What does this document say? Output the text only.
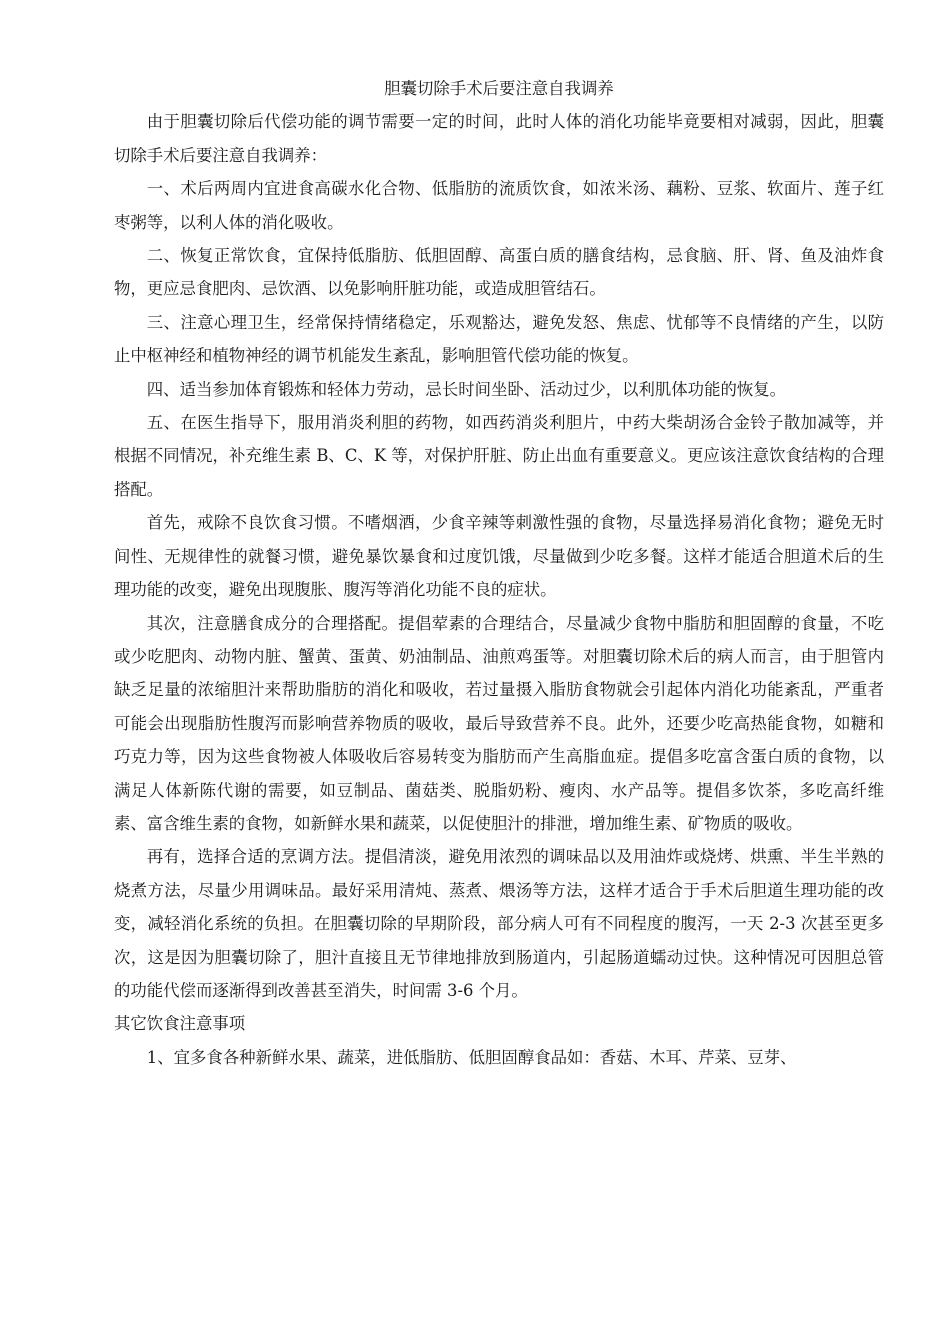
胆囊切除手术后要注意自我调养

由于胆囊切除后代偿功能的调节需要一定的时间，此时人体的消化功能毕竟要相对减弱，因此，胆囊切除手术后要注意自我调养：

一、术后两周内宜进食高碳水化合物、低脂肪的流质饮食，如浓米汤、藕粉、豆浆、软面片、莲子红枣粥等，以利人体的消化吸收。

二、恢复正常饮食，宜保持低脂肪、低胆固醇、高蛋白质的膳食结构，忌食脑、肝、肾、鱼及油炸食物，更应忌食肥肉、忌饮酒、以免影响肝脏功能，或造成胆管结石。

三、注意心理卫生，经常保持情绪稳定，乐观豁达，避免发怒、焦虑、忧郁等不良情绪的产生，以防止中枢神经和植物神经的调节机能发生紊乱，影响胆管代偿功能的恢复。

四、适当参加体育锻炼和轻体力劳动，忌长时间坐卧、活动过少，以利肌体功能的恢复。

五、在医生指导下，服用消炎利胆的药物，如西药消炎利胆片，中药大柴胡汤合金铃子散加减等，并根据不同情况，补充维生素 B、C、K 等，对保护肝脏、防止出血有重要意义。更应该注意饮食结构的合理搭配。

首先，戒除不良饮食习惯。不嗜烟酒，少食辛辣等刺激性强的食物，尽量选择易消化食物；避免无时间性、无规律性的就餐习惯，避免暴饮暴食和过度饥饿，尽量做到少吃多餐。这样才能适合胆道术后的生理功能的改变，避免出现腹胀、腹泻等消化功能不良的症状。

其次，注意膳食成分的合理搭配。提倡荤素的合理结合，尽量减少食物中脂肪和胆固醇的食量，不吃或少吃肥肉、动物内脏、蟹黄、蛋黄、奶油制品、油煎鸡蛋等。对胆囊切除术后的病人而言，由于胆管内缺乏足量的浓缩胆汁来帮助脂肪的消化和吸收，若过量摄入脂肪食物就会引起体内消化功能紊乱，严重者可能会出现脂肪性腹泻而影响营养物质的吸收，最后导致营养不良。此外，还要少吃高热能食物，如糖和巧克力等，因为这些食物被人体吸收后容易转变为脂肪而产生高脂血症。提倡多吃富含蛋白质的食物，以满足人体新陈代谢的需要，如豆制品、菌菇类、脱脂奶粉、瘦肉、水产品等。提倡多饮茶，多吃高纤维素、富含维生素的食物，如新鲜水果和蔬菜，以促使胆汁的排泄，增加维生素、矿物质的吸收。

再有，选择合适的烹调方法。提倡清淡，避免用浓烈的调味品以及用油炸或烧烤、烘熏、半生半熟的烧煮方法，尽量少用调味品。最好采用清炖、蒸煮、煨汤等方法，这样才适合于手术后胆道生理功能的改变，减轻消化系统的负担。在胆囊切除的早期阶段，部分病人可有不同程度的腹泻，一天 2-3 次甚至更多次，这是因为胆囊切除了，胆汁直接且无节律地排放到肠道内，引起肠道蠕动过快。这种情况可因胆总管的功能代偿而逐渐得到改善甚至消失，时间需 3-6 个月。

其它饮食注意事项

1、宜多食各种新鲜水果、蔬菜，进低脂肪、低胆固醇食品如：香菇、木耳、芹菜、豆芽、
